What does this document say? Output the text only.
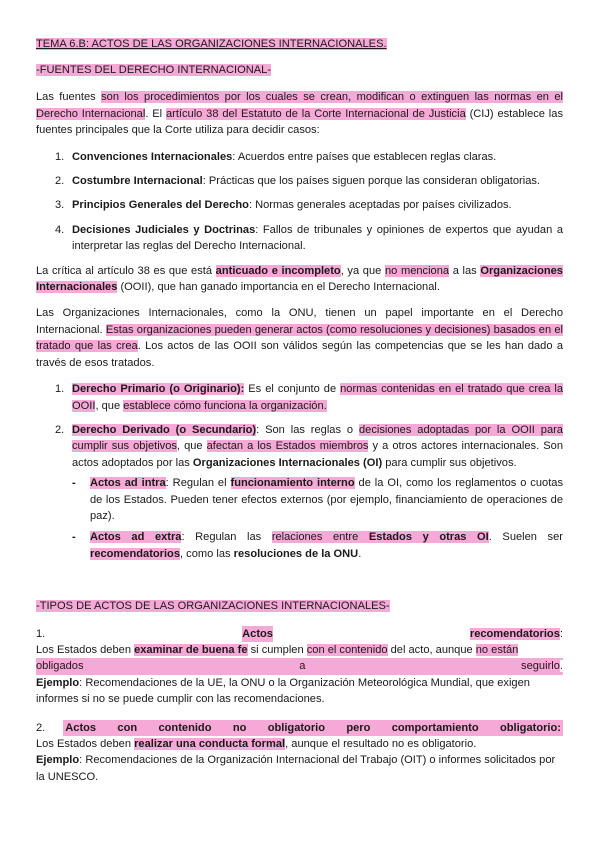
TEMA 6.B: ACTOS DE LAS ORGANIZACIONES INTERNACIONALES.
-FUENTES DEL DERECHO INTERNACIONAL-

Las fuentes son los procedimientos por los cuales se crean, modifican o extinguen las normas en el Derecho Internacional. El artículo 38 del Estatuto de la Corte Internacional de Justicia (CIJ) establece las fuentes principales que la Corte utiliza para decidir casos:

1. Convenciones Internacionales: Acuerdos entre países que establecen reglas claras.
2. Costumbre Internacional: Prácticas que los países siguen porque las consideran obligatorias.
3. Principios Generales del Derecho: Normas generales aceptadas por países civilizados.
4. Decisiones Judiciales y Doctrinas: Fallos de tribunales y opiniones de expertos que ayudan a interpretar las reglas del Derecho Internacional.

La crítica al artículo 38 es que está anticuado e incompleto, ya que no menciona a las Organizaciones Internacionales (OOII), que han ganado importancia en el Derecho Internacional.

Las Organizaciones Internacionales, como la ONU, tienen un papel importante en el Derecho Internacional. Estas organizaciones pueden generar actos (como resoluciones y decisiones) basados en el tratado que las crea. Los actos de las OOII son válidos según las competencias que se les han dado a través de esos tratados.

1. Derecho Primario (o Originario): Es el conjunto de normas contenidas en el tratado que crea la OOII, que establece cómo funciona la organización.
2. Derecho Derivado (o Secundario): Son las reglas o decisiones adoptadas por la OOII para cumplir sus objetivos, que afectan a los Estados miembros y a otros actores internacionales. Son actos adoptados por las Organizaciones Internacionales (OI) para cumplir sus objetivos.
- Actos ad intra: Regulan el funcionamiento interno de la OI, como los reglamentos o cuotas de los Estados. Pueden tener efectos externos (por ejemplo, financiamiento de operaciones de paz).
- Actos ad extra: Regulan las relaciones entre Estados y otras OI. Suelen ser recomendatorios, como las resoluciones de la ONU.
-TIPOS DE ACTOS DE LAS ORGANIZACIONES INTERNACIONALES-
1.	Actos	recomendatorios:
Los Estados deben examinar de buena fe si cumplen con el contenido del acto, aunque no están
obligados	a	seguirlo.
Ejemplo: Recomendaciones de la UE, la ONU o la Organización Meteorológica Mundial, que exigen informes si no se puede cumplir con las recomendaciones.
2. Actos con contenido no obligatorio pero comportamiento obligatorio:
Los Estados deben realizar una conducta formal, aunque el resultado no es obligatorio.
Ejemplo: Recomendaciones de la Organización Internacional del Trabajo (OIT) o informes solicitados por la UNESCO.
